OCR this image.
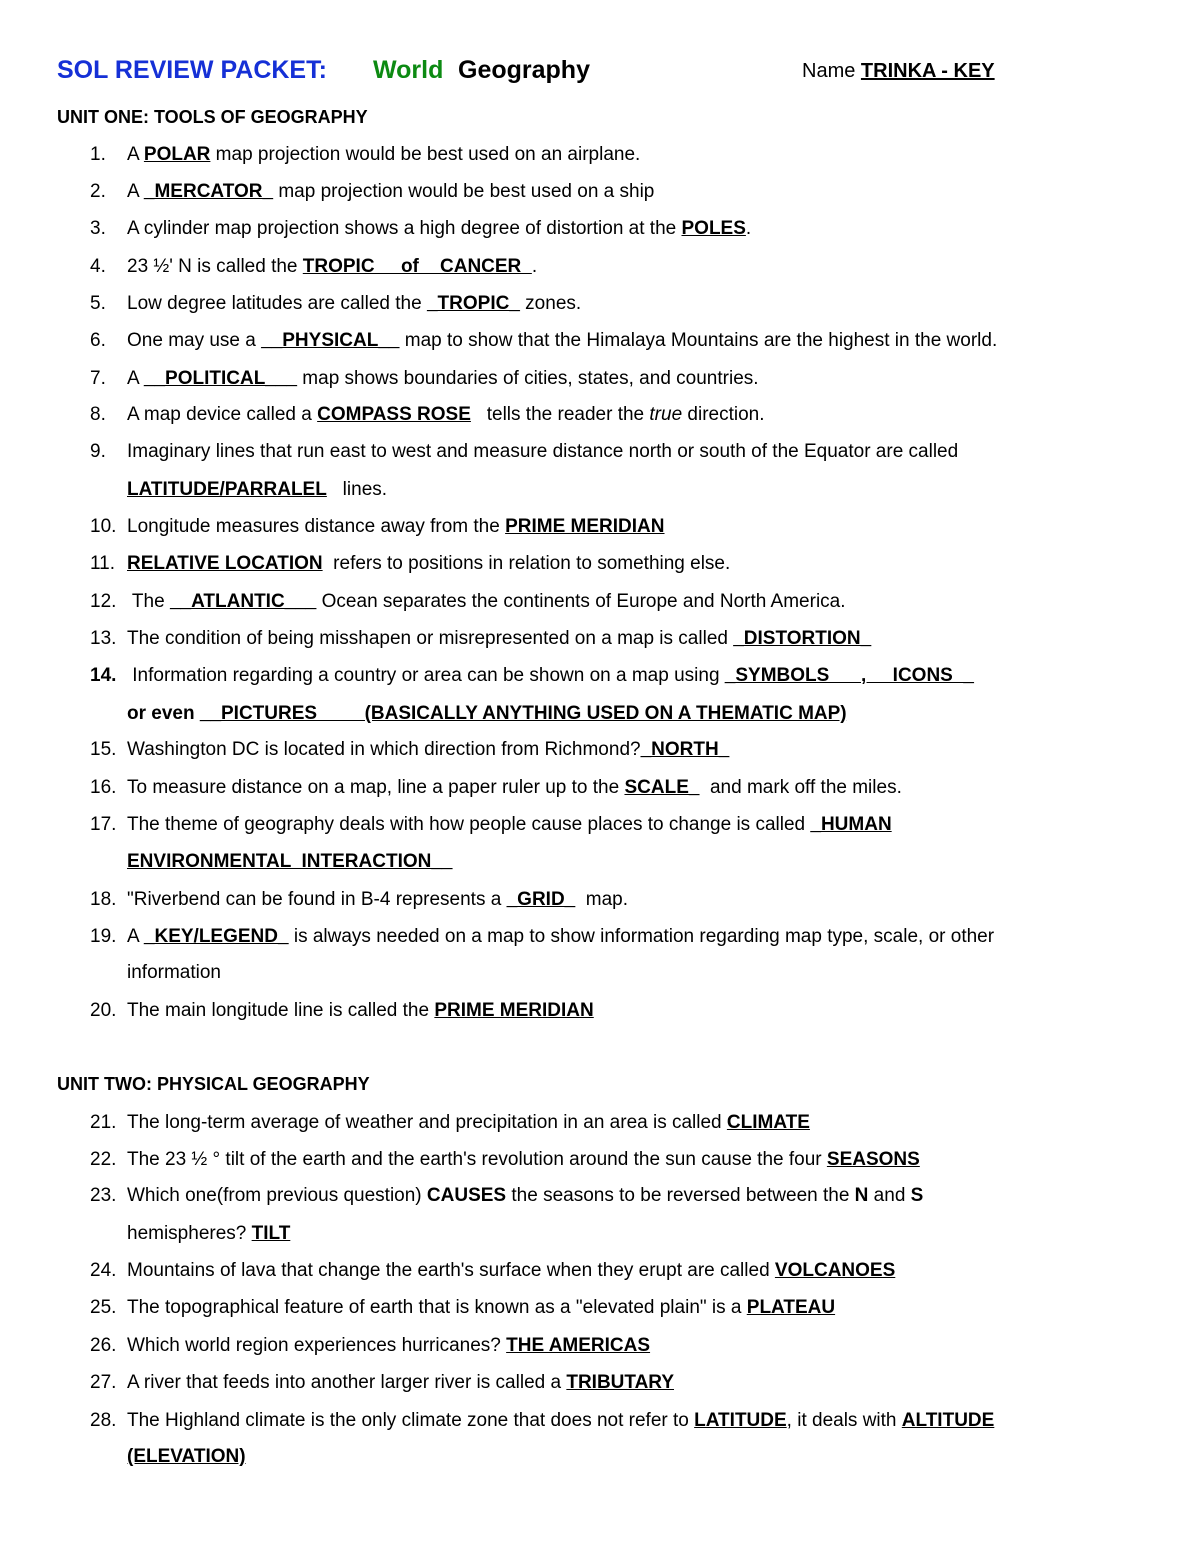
SOL REVIEW PACKET: World Geography	Name TRINKA - KEY
UNIT ONE: TOOLS OF GEOGRAPHY
1. A POLAR map projection would be best used on an airplane.
2. A _MERCATOR_ map projection would be best used on a ship
3. A cylinder map projection shows a high degree of distortion at the POLES.
4. 23 ½' N is called the TROPIC     of    CANCER  .
5. Low degree latitudes are called the _TROPIC_ zones.
6. One may use a __PHYSICAL__ map to show that the Himalaya Mountains are the highest in the world.
7. A __POLITICAL___ map shows boundaries of cities, states, and countries.
8. A map device called a COMPASS ROSE   tells the reader the true direction.
9. Imaginary lines that run east to west and measure distance north or south of the Equator are called
LATITUDE/PARRALEL   lines.
10. Longitude measures distance away from the PRIME MERIDIAN
11. RELATIVE LOCATION  refers to positions in relation to something else.
12. The __ATLANTIC___ Ocean separates the continents of Europe and North America.
13. The condition of being misshapen or misrepresented on a map is called _DISTORTION_
14. Information regarding a country or area can be shown on a map using _SYMBOLS      ,     ICONS  _
or even __PICTURES         (BASICALLY ANYTHING USED ON A THEMATIC MAP)
15. Washington DC is located in which direction from Richmond?_NORTH_
16. To measure distance on a map, line a paper ruler up to the SCALE_  and mark off the miles.
17. The theme of geography deals with how people cause places to change is called _HUMAN
ENVIRONMENTAL  INTERACTION__
18. "Riverbend can be found in B-4 represents a _GRID_  map.
19. A _KEY/LEGEND_ is always needed on a map to show information regarding map type, scale, or other
information
20. The main longitude line is called the PRIME MERIDIAN
UNIT TWO: PHYSICAL GEOGRAPHY
21. The long-term average of weather and precipitation in an area is called CLIMATE
22. The 23 ½ ° tilt of the earth and the earth's revolution around the sun cause the four SEASONS
23. Which one(from previous question) CAUSES the seasons to be reversed between the N and S
hemispheres? TILT
24. Mountains of lava that change the earth's surface when they erupt are called VOLCANOES
25. The topographical feature of earth that is known as a "elevated plain" is a PLATEAU
26. Which world region experiences hurricanes? THE AMERICAS
27. A river that feeds into another larger river is called a TRIBUTARY
28. The Highland climate is the only climate zone that does not refer to LATITUDE, it deals with ALTITUDE
(ELEVATION)
